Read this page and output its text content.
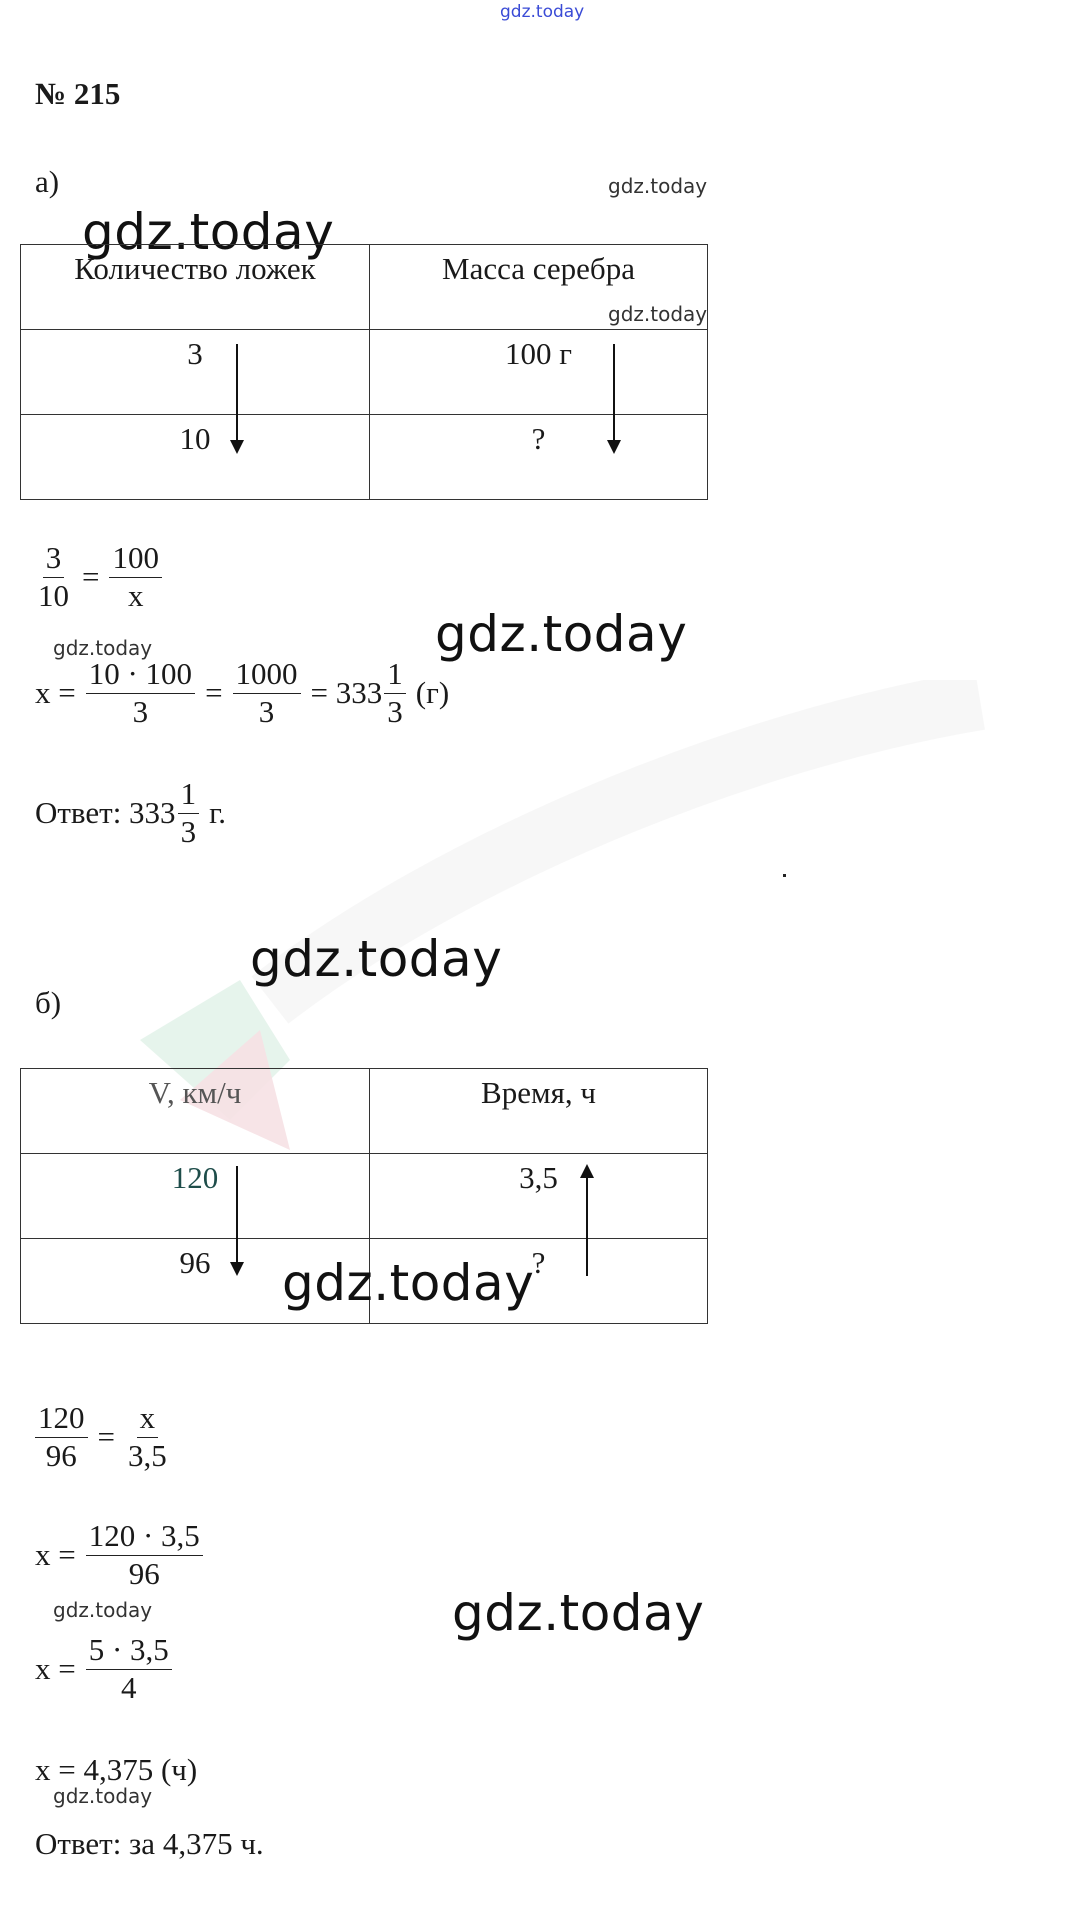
gdz.today
№ 215
а)	gdz.today
gdz.today
Количество ложек	Масса серебра
3	100 г
10	?
gdz.today
$\frac{3}{10} = \frac{100}{x}$
gdz.today
gdz.today
$x = \frac{10 \cdot 100}{3} = \frac{1000}{3} = 333 \frac{1}{3} (г)$
Ответ: $333 \frac{1}{3} г$.
gdz.today
б)
V, км/ч	Время, ч
120	3,5
96	?
gdz.today
$\frac{120}{96} = \frac{x}{3,5}$
$x = \frac{120 \cdot 3,5}{96}$
gdz.today	gdz.today
$x = \frac{5 \cdot 3,5}{4}$
x = 4,375 (ч)
gdz.today
Ответ: за 4,375 ч.
